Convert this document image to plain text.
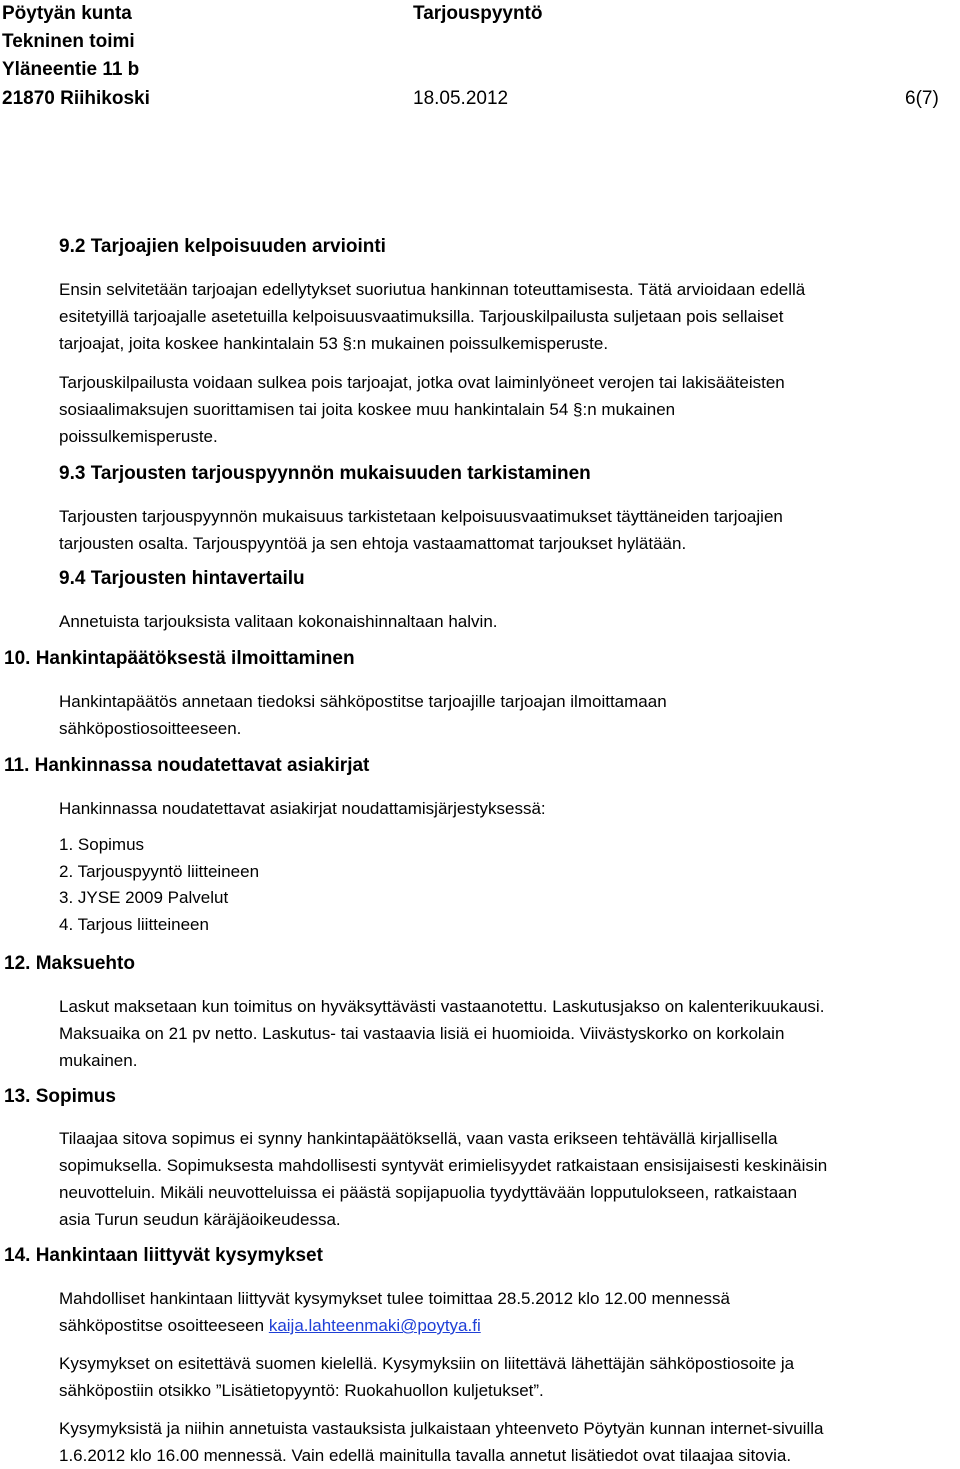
Pöytyän kunta
Tekninen toimi
Yläneentie 11 b
21870 Riihikoski
Tarjouspyyntö
18.05.2012	6(7)
9.2 Tarjoajien kelpoisuuden arviointi
Ensin selvitetään tarjoajan edellytykset suoriutua hankinnan toteuttamisesta. Tätä arvioidaan edellä
esitetyillä tarjoajalle asetetuilla kelpoisuusvaatimuksilla. Tarjouskilpailusta suljetaan pois sellaiset
tarjoajat, joita koskee hankintalain 53 §:n mukainen poissulkemisperuste.
Tarjouskilpailusta voidaan sulkea pois tarjoajat, jotka ovat laiminlyöneet verojen tai lakisääteisten
sosiaalimaksujen suorittamisen tai joita koskee muu hankintalain 54 §:n mukainen
poissulkemisperuste.
9.3 Tarjousten tarjouspyynnön mukaisuuden tarkistaminen
Tarjousten tarjouspyynnön mukaisuus tarkistetaan kelpoisuusvaatimukset täyttäneiden tarjoajien
tarjousten osalta. Tarjouspyyntöä ja sen ehtoja vastaamattomat tarjoukset hylätään.
9.4 Tarjousten hintavertailu
Annetuista tarjouksista valitaan kokonaishinnaltaan halvin.
10. Hankintapäätöksestä ilmoittaminen
Hankintapäätös annetaan tiedoksi sähköpostitse tarjoajille tarjoajan ilmoittamaan
sähköpostiosoitteeseen.
11. Hankinnassa noudatettavat asiakirjat
Hankinnassa noudatettavat asiakirjat noudattamisjärjestyksessä:
1. Sopimus
2. Tarjouspyyntö liitteineen
3. JYSE 2009 Palvelut
4. Tarjous liitteineen
12. Maksuehto
Laskut maksetaan kun toimitus on hyväksyttävästi vastaanotettu. Laskutusjakso on kalenterikuukausi.
Maksuaika on 21 pv netto. Laskutus- tai vastaavia lisiä ei huomioida. Viivästyskorko on korkolain
mukainen.
13. Sopimus
Tilaajaa sitova sopimus ei synny hankintapäätöksellä, vaan vasta erikseen tehtävällä kirjallisella
sopimuksella. Sopimuksesta mahdollisesti syntyvät erimielisyydet ratkaistaan ensisijaisesti keskinäisin
neuvotteluin. Mikäli neuvotteluissa ei päästä sopijapuolia tyydyttävään lopputulokseen, ratkaistaan
asia Turun seudun käräjäoikeudessa.
14. Hankintaan liittyvät kysymykset
Mahdolliset hankintaan liittyvät kysymykset tulee toimittaa 28.5.2012 klo 12.00 mennessä
sähköpostitse osoitteeseen kaija.lahteenmaki@poytya.fi
Kysymykset on esitettävä suomen kielellä. Kysymyksiin on liitettävä lähettäjän sähköpostiosoite ja
sähköpostiin otsikko ”Lisätietopyyntö: Ruokahuollon kuljetukset”.
Kysymyksistä ja niihin annetuista vastauksista julkaistaan yhteenveto Pöytyän kunnan internet-sivuilla
1.6.2012 klo 16.00 mennessä. Vain edellä mainitulla tavalla annetut lisätiedot ovat tilaajaa sitovia.
